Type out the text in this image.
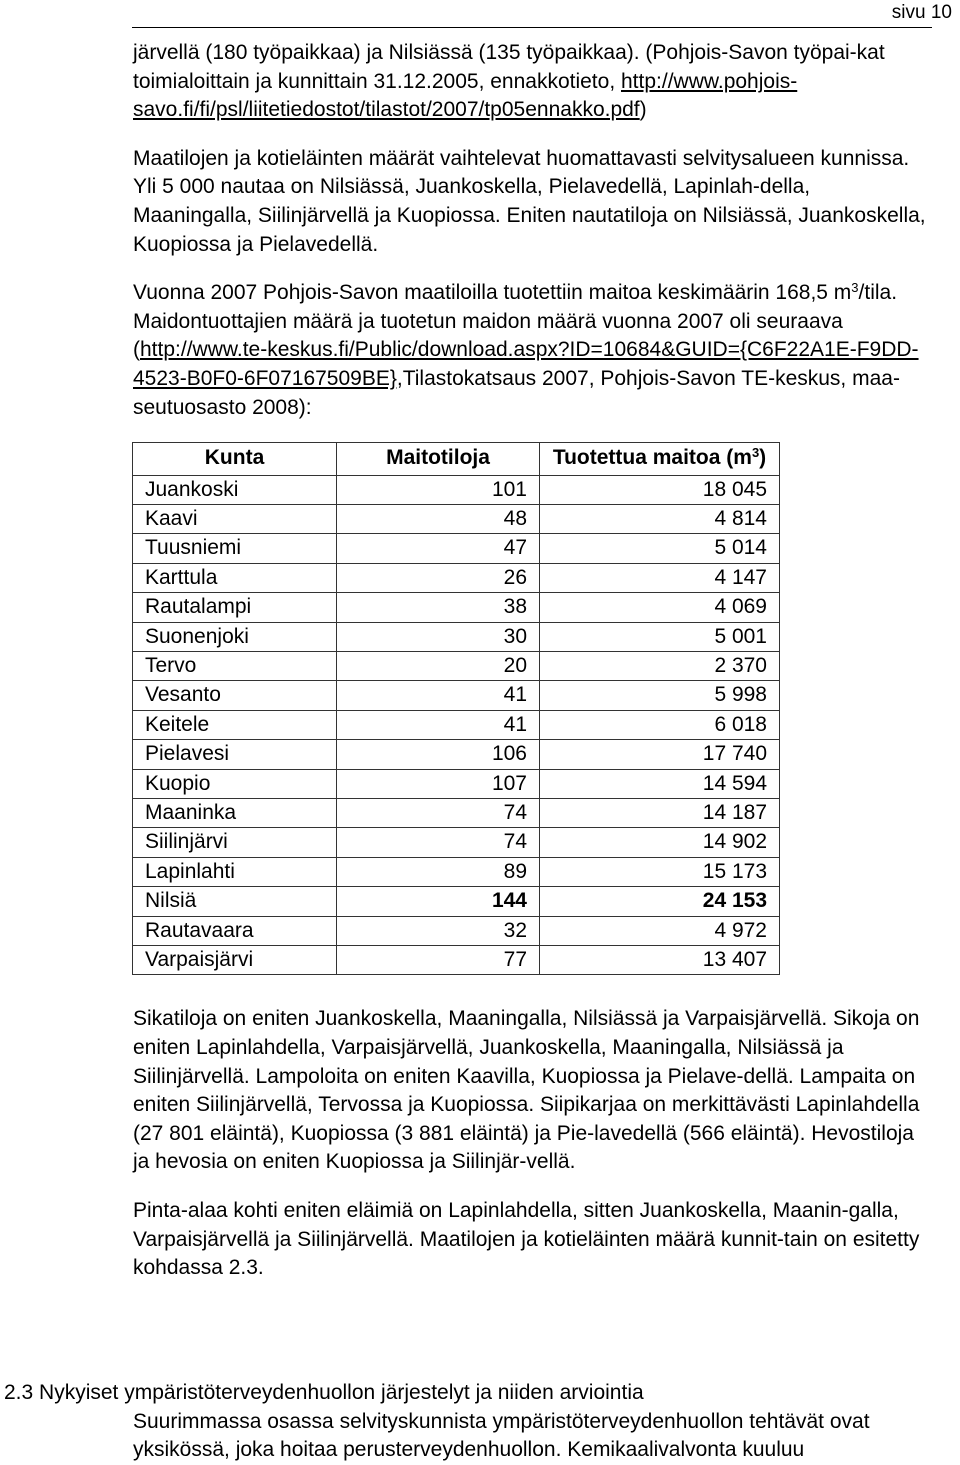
sivu 10

järvellä (180 työpaikkaa) ja Nilsiässä (135 työpaikkaa). (Pohjois-Savon työpai-kat toimialoittain ja kunnittain 31.12.2005, ennakkotieto, http://www.pohjois-savo.fi/fi/psl/liitetiedostot/tilastot/2007/tp05ennakko.pdf)

Maatilojen ja kotieläinten määrät vaihtelevat huomattavasti selvitysalueen kunnissa. Yli 5 000 nautaa on Nilsiässä, Juankoskella, Pielavedellä, Lapinlah-della, Maaningalla, Siilinjärvellä ja Kuopiossa. Eniten nautatiloja on Nilsiässä, Juankoskella, Kuopiossa ja Pielavedellä.

Vuonna 2007 Pohjois-Savon maatiloilla tuotettiin maitoa keskimäärin 168,5 $m^3$/tila. Maidontuottajien määrä ja tuotetun maidon määrä vuonna 2007 oli seuraava (http://www.te-keskus.fi/Public/download.aspx?ID=10684&GUID={C6F22A1E-F9DD-4523-B0F0-6F07167509BE},Tilastokatsaus 2007, Pohjois-Savon TE-keskus, maa-seutuosasto 2008):

Kunta	Maitotiloja	Tuotettua maitoa $(m^3)$
Juankoski	101	18 045
Kaavi	48	4 814
Tuusniemi	47	5 014
Karttula	26	4 147
Rautalampi	38	4 069
Suonenjoki	30	5 001
Tervo	20	2 370
Vesanto	41	5 998
Keitele	41	6 018
Pielavesi	106	17 740
Kuopio	107	14 594
Maaninka	74	14 187
Siilinjärvi	74	14 902
Lapinlahti	89	15 173
Nilsiä	144	24 153
Rautavaara	32	4 972
Varpaisjärvi	77	13 407

Sikatiloja on eniten Juankoskella, Maaningalla, Nilsiässä ja Varpaisjärvellä. Sikoja on eniten Lapinlahdella, Varpaisjärvellä, Juankoskella, Maaningalla, Nilsiässä ja Siilinjärvellä. Lampoloita on eniten Kaavilla, Kuopiossa ja Pielave-dellä. Lampaita on eniten Siilinjärvellä, Tervossa ja Kuopiossa. Siipikarjaa on merkittävästi Lapinlahdella (27 801 eläintä), Kuopiossa (3 881 eläintä) ja Pie-lavedellä (566 eläintä). Hevostiloja ja hevosia on eniten Kuopiossa ja Siilinjär-vellä.

Pinta-alaa kohti eniten eläimiä on Lapinlahdella, sitten Juankoskella, Maanin-galla, Varpaisjärvellä ja Siilinjärvellä. Maatilojen ja kotieläinten määrä kunnit-tain on esitetty kohdassa 2.3.

2.3 Nykyiset ympäristöterveydenhuollon järjestelyt ja niiden arviointia
Suurimmassa osassa selvityskunnista ympäristöterveydenhuollon tehtävät ovat yksikössä, joka hoitaa perusterveydenhuollon. Kemikaalivalvonta kuuluu
